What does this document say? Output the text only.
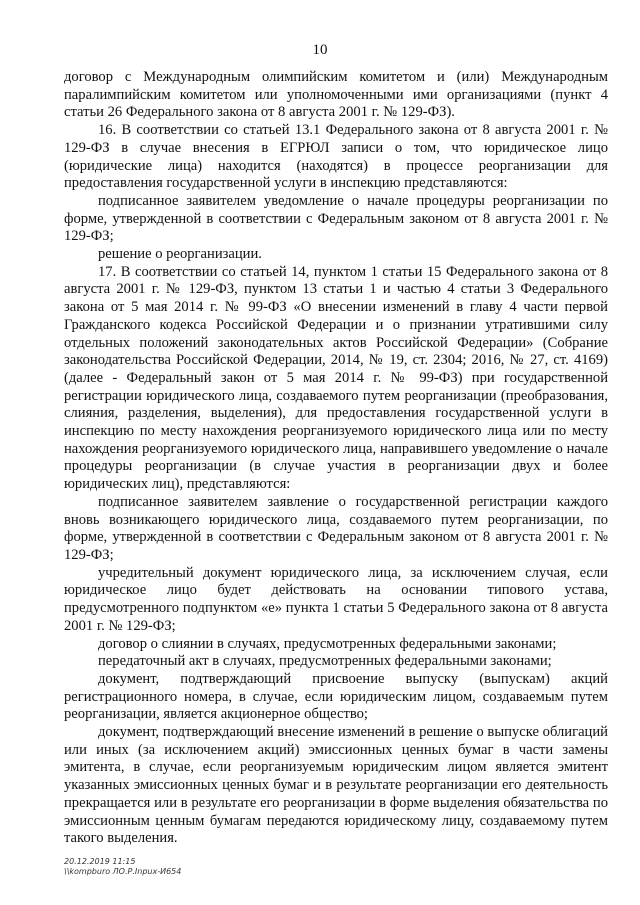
10

договор с Международным олимпийским комитетом и (или) Международным паралимпийским комитетом или уполномоченными ими организациями (пункт 4 статьи 26 Федерального закона от 8 августа 2001 г. № 129-ФЗ).

16. В соответствии со статьей 13.1 Федерального закона от 8 августа 2001 г. № 129-ФЗ в случае внесения в ЕГРЮЛ записи о том, что юридическое лицо (юридические лица) находится (находятся) в процессе реорганизации для предоставления государственной услуги в инспекцию представляются:

подписанное заявителем уведомление о начале процедуры реорганизации по форме, утвержденной в соответствии с Федеральным законом от 8 августа 2001 г. № 129-ФЗ;

решение о реорганизации.

17. В соответствии со статьей 14, пунктом 1 статьи 15 Федерального закона от 8 августа 2001 г. № 129-ФЗ, пунктом 13 статьи 1 и частью 4 статьи 3 Федерального закона от 5 мая 2014 г. № 99-ФЗ «О внесении изменений в главу 4 части первой Гражданского кодекса Российской Федерации и о признании утратившими силу отдельных положений законодательных актов Российской Федерации» (Собрание законодательства Российской Федерации, 2014, № 19, ст. 2304; 2016, № 27, ст. 4169) (далее - Федеральный закон от 5 мая 2014 г. № 99-ФЗ) при государственной регистрации юридического лица, создаваемого путем реорганизации (преобразования, слияния, разделения, выделения), для предоставления государственной услуги в инспекцию по месту нахождения реорганизуемого юридического лица или по месту нахождения реорганизуемого юридического лица, направившего уведомление о начале процедуры реорганизации (в случае участия в реорганизации двух и более юридических лиц), представляются:

подписанное заявителем заявление о государственной регистрации каждого вновь возникающего юридического лица, создаваемого путем реорганизации, по форме, утвержденной в соответствии с Федеральным законом от 8 августа 2001 г. № 129-ФЗ;

учредительный документ юридического лица, за исключением случая, если юридическое лицо будет действовать на основании типового устава, предусмотренного подпунктом «е» пункта 1 статьи 5 Федерального закона от 8 августа 2001 г. № 129-ФЗ;

договор о слиянии в случаях, предусмотренных федеральными законами;

передаточный акт в случаях, предусмотренных федеральными законами;

документ, подтверждающий присвоение выпуску (выпускам) акций регистрационного номера, в случае, если юридическим лицом, создаваемым путем реорганизации, является акционерное общество;

документ, подтверждающий внесение изменений в решение о выпуске облигаций или иных (за исключением акций) эмиссионных ценных бумаг в части замены эмитента, в случае, если реорганизуемым юридическим лицом является эмитент указанных эмиссионных ценных бумаг и в результате реорганизации его деятельность прекращается или в результате его реорганизации в форме выделения обязательства по эмиссионным ценным бумагам передаются юридическому лицу, создаваемому путем такого выделения.

20.12.2019 11:15
\\kompburo ЛО.Р.Inpux-И654
